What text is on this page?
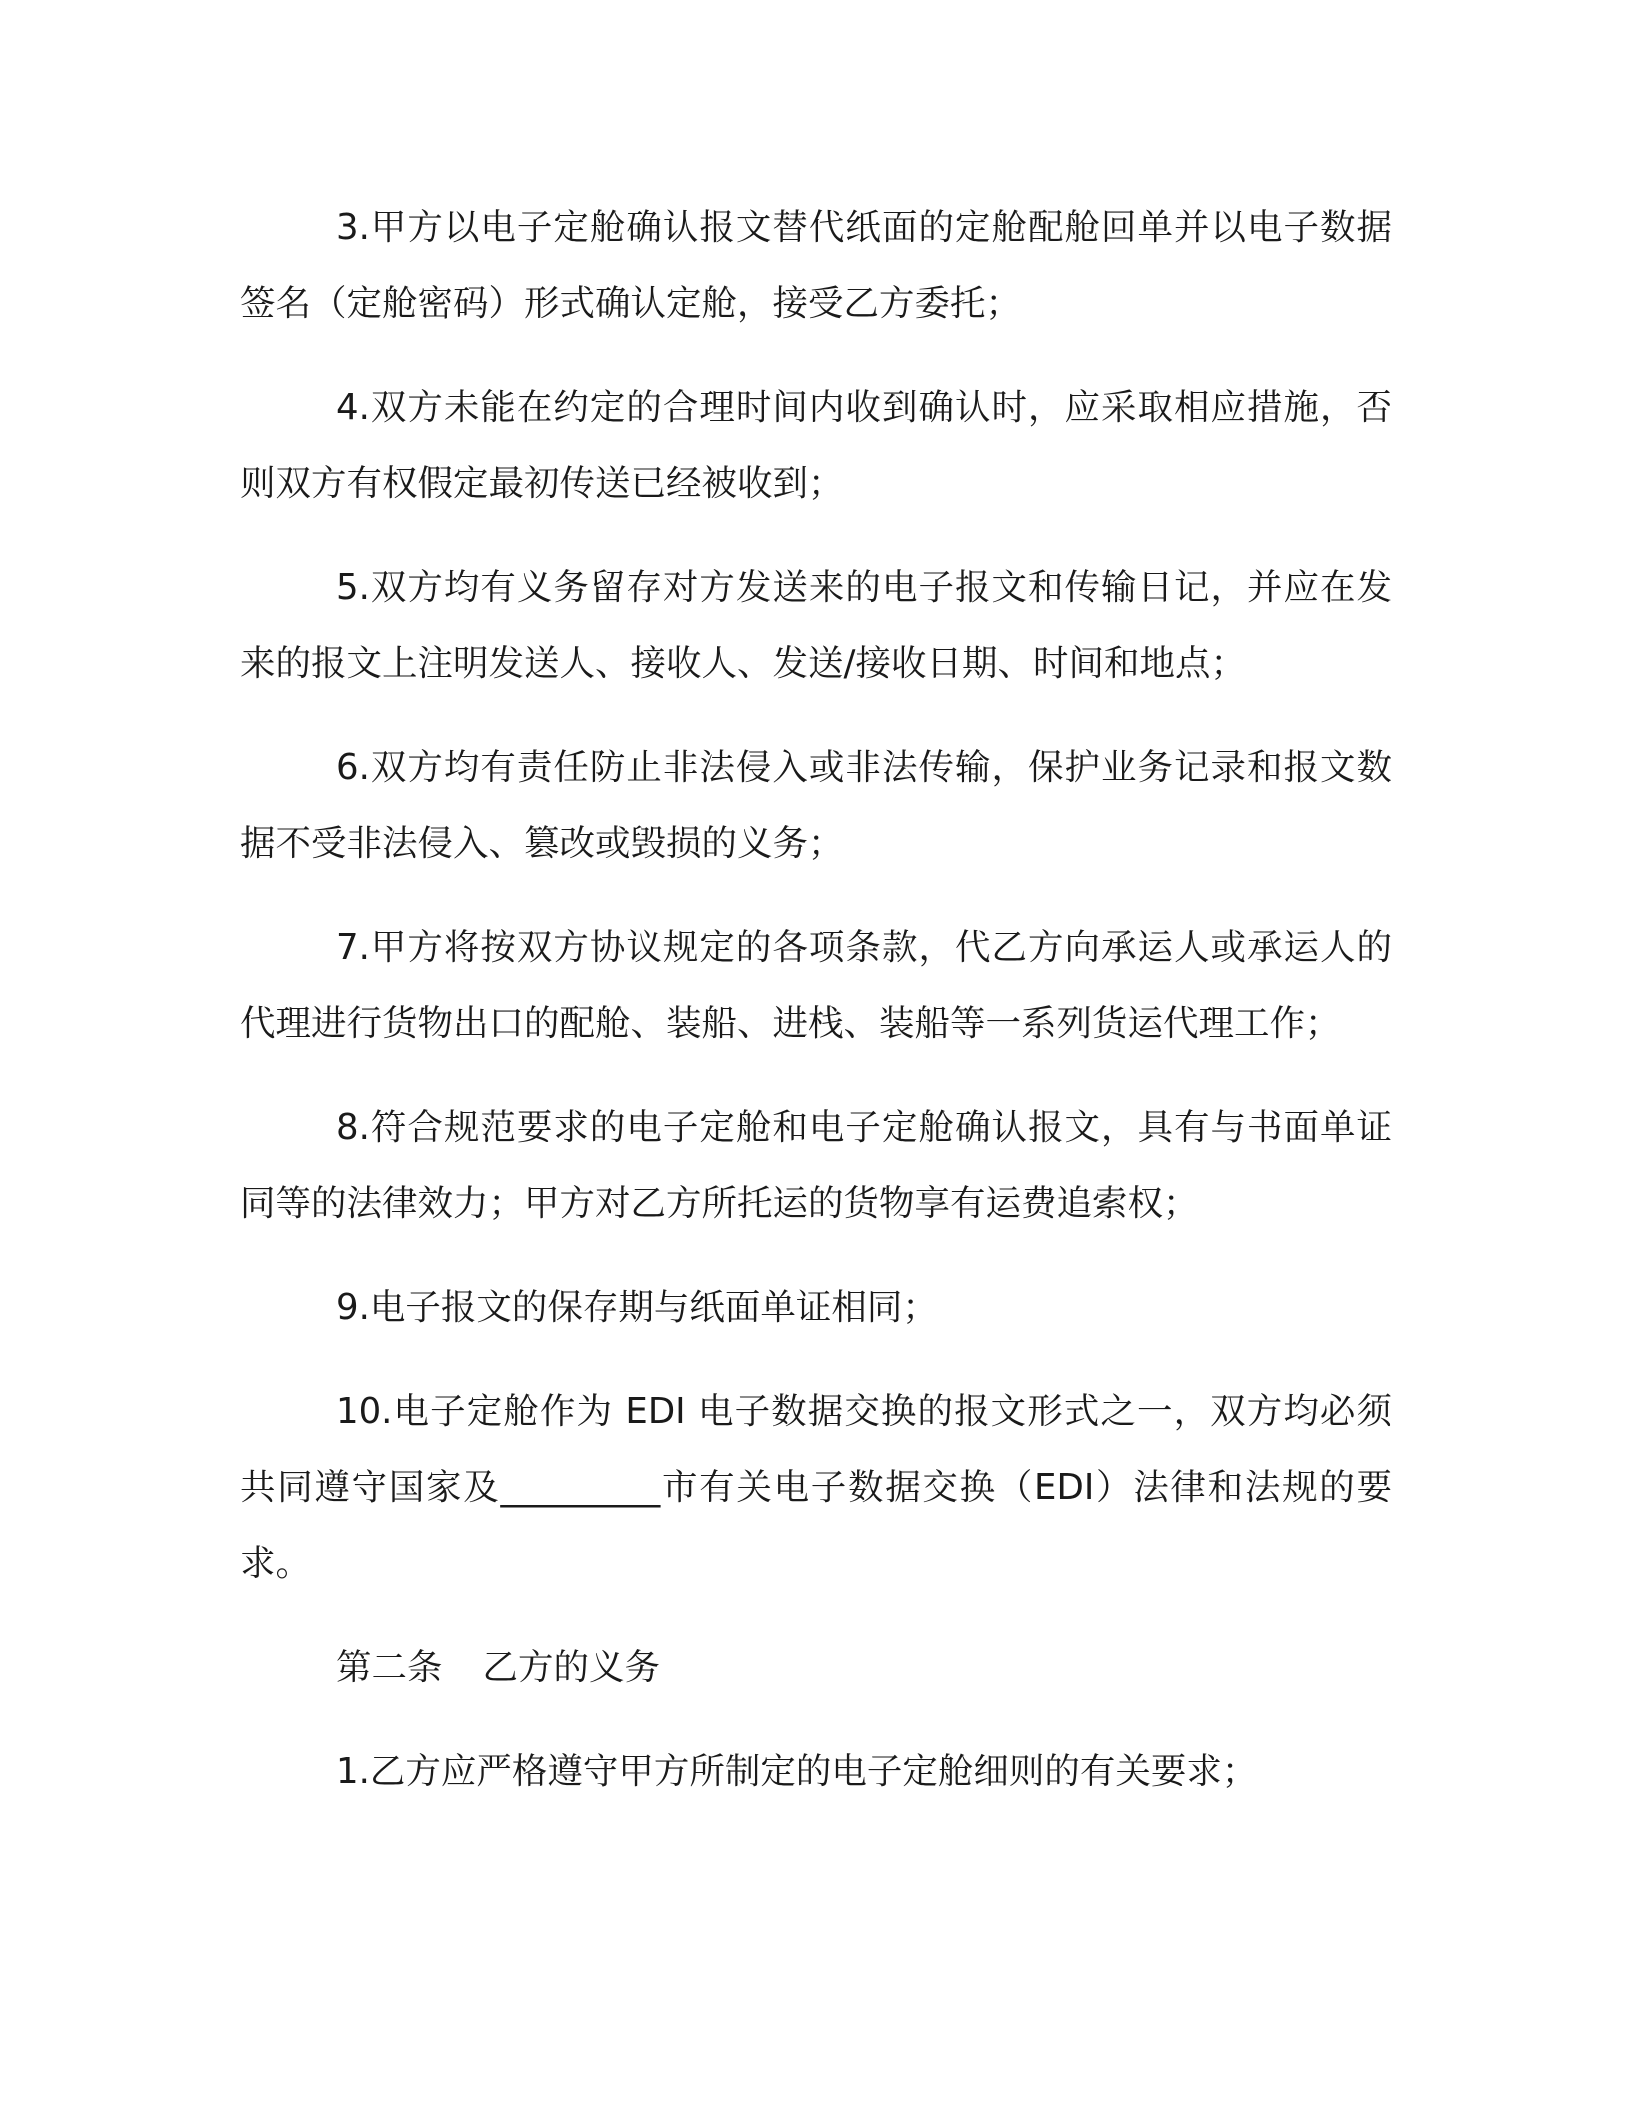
3.甲方以电子定舱确认报文替代纸面的定舱配舱回单并以电子数据签名（定舱密码）形式确认定舱，接受乙方委托；

4.双方未能在约定的合理时间内收到确认时，应采取相应措施，否则双方有权假定最初传送已经被收到；

5.双方均有义务留存对方发送来的电子报文和传输日记，并应在发来的报文上注明发送人、接收人、发送/接收日期、时间和地点；

6.双方均有责任防止非法侵入或非法传输，保护业务记录和报文数据不受非法侵入、篡改或毁损的义务；

7.甲方将按双方协议规定的各项条款，代乙方向承运人或承运人的代理进行货物出口的配舱、装船、进栈、装船等一系列货运代理工作；

8.符合规范要求的电子定舱和电子定舱确认报文，具有与书面单证同等的法律效力；甲方对乙方所托运的货物享有运费追索权；

9.电子报文的保存期与纸面单证相同；

10.电子定舱作为 EDI 电子数据交换的报文形式之一，双方均必须共同遵守国家及_________市有关电子数据交换（EDI）法律和法规的要求。

第二条 乙方的义务

1.乙方应严格遵守甲方所制定的电子定舱细则的有关要求；
